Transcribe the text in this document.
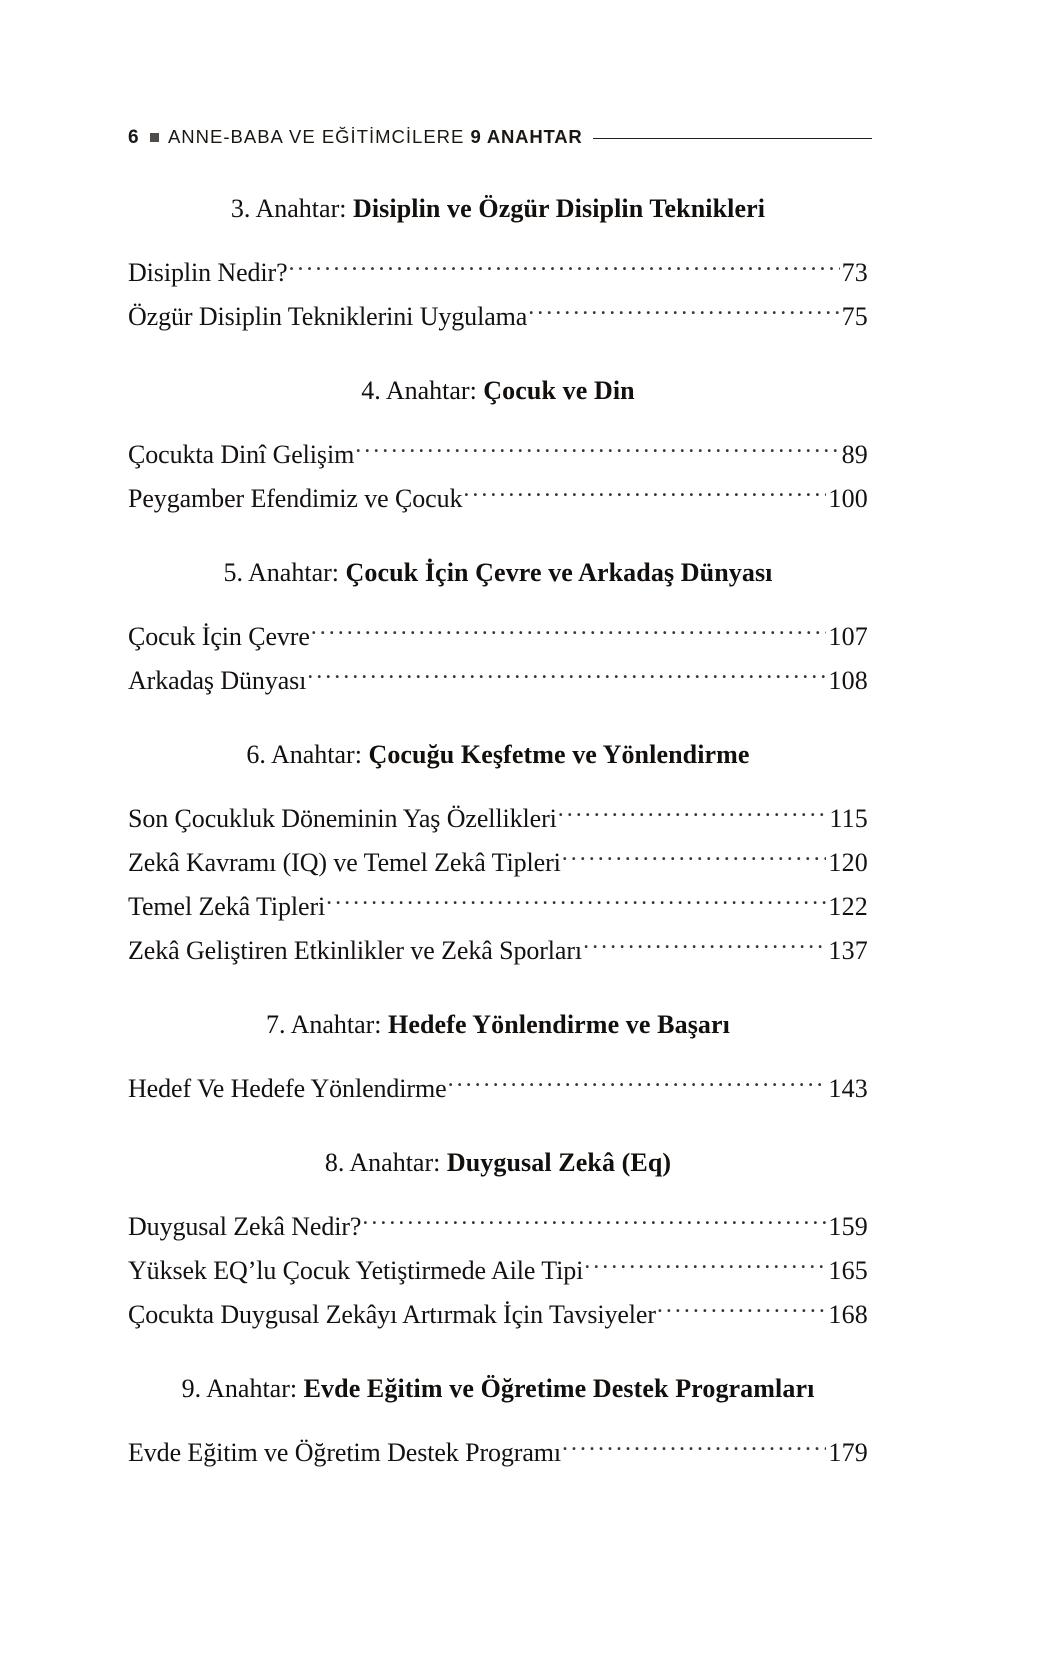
6 ANNE-BABA VE EĞİTİMCİLERE 9 ANAHTAR
3. Anahtar: Disiplin ve Özgür Disiplin Teknikleri
Disiplin Nedir? .....	73
Özgür Disiplin Tekniklerini Uygulama .....	75
4. Anahtar: Çocuk ve Din
Çocukta Dinî Gelişim .....	89
Peygamber Efendimiz ve Çocuk .....	100
5. Anahtar: Çocuk İçin Çevre ve Arkadaş Dünyası
Çocuk İçin Çevre .....	107
Arkadaş Dünyası .....	108
6. Anahtar: Çocuğu Keşfetme ve Yönlendirme
Son Çocukluk Döneminin Yaş Özellikleri .....	115
Zekâ Kavramı (IQ) ve Temel Zekâ Tipleri .....	120
Temel Zekâ Tipleri .....	122
Zekâ Geliştiren Etkinlikler ve Zekâ Sporları .....	137
7. Anahtar: Hedefe Yönlendirme ve Başarı
Hedef Ve Hedefe Yönlendirme .....	143
8. Anahtar: Duygusal Zekâ (Eq)
Duygusal Zekâ Nedir? .....	159
Yüksek EQ’lu Çocuk Yetiştirmede Aile Tipi .....	165
Çocukta Duygusal Zekâyı Artırmak İçin Tavsiyeler .....	168
9. Anahtar: Evde Eğitim ve Öğretime Destek Programları
Evde Eğitim ve Öğretim Destek Programı .....	179
